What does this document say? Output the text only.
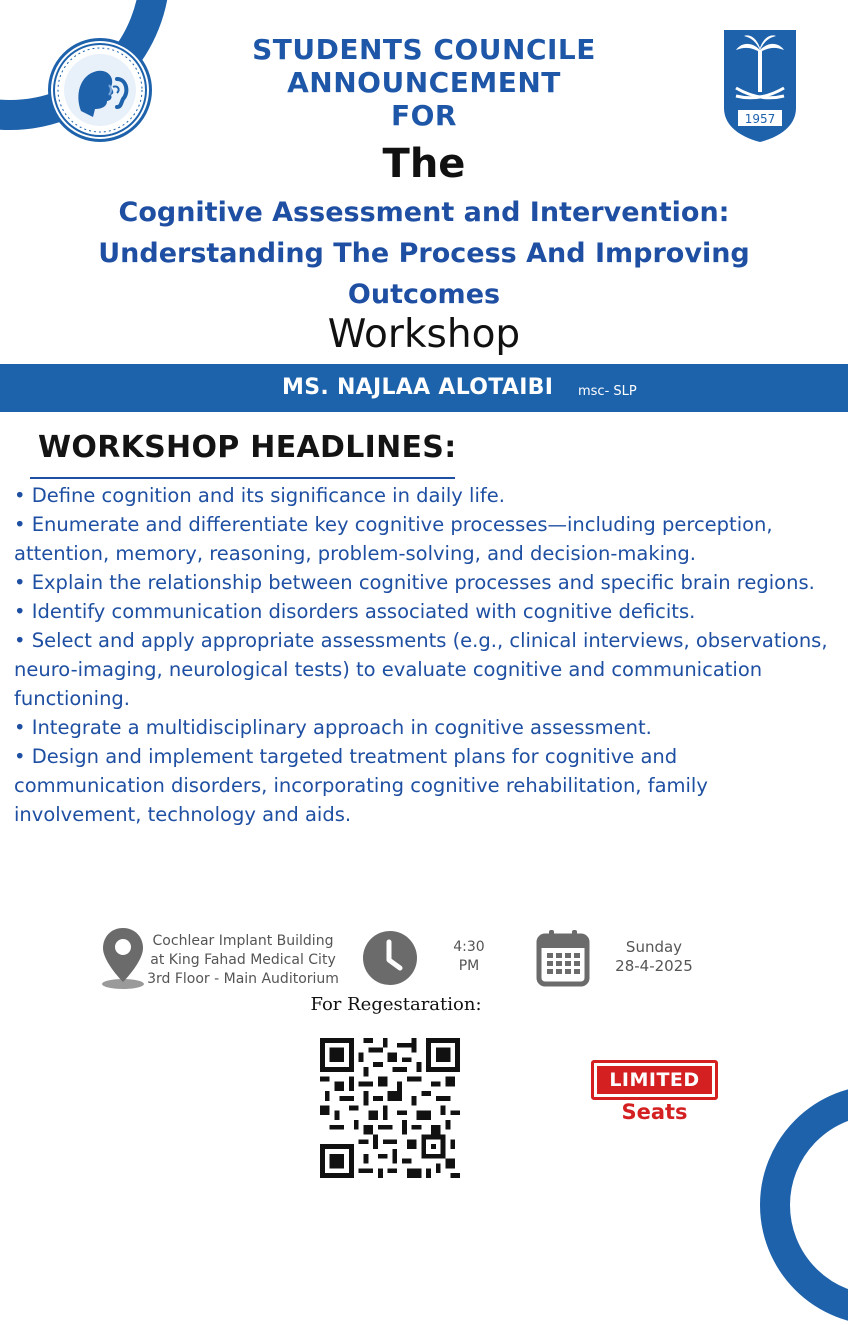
1957
STUDENTS COUNCILE
ANNOUNCEMENT
FOR
The
Cognitive Assessment and Intervention:
Understanding The Process And Improving
Outcomes
Workshop
MS. NAJLAA ALOTAIBI msc- SLP
WORKSHOP HEADLINES:
• Define cognition and its significance in daily life.
• Enumerate and differentiate key cognitive processes—including perception, attention, memory, reasoning, problem-solving, and decision-making.
• Explain the relationship between cognitive processes and specific brain regions.
• Identify communication disorders associated with cognitive deficits.
• Select and apply appropriate assessments (e.g., clinical interviews, observations, neuro-imaging, neurological tests) to evaluate cognitive and communication functioning.
• Integrate a multidisciplinary approach in cognitive assessment.
• Design and implement targeted treatment plans for cognitive and communication disorders, incorporating cognitive rehabilitation, family involvement, technology and aids.
Cochlear Implant Building
at King Fahad Medical City
3rd Floor - Main Auditorium
4:30
PM
Sunday
28-4-2025
For Regestaration:
LIMITED
Seats
